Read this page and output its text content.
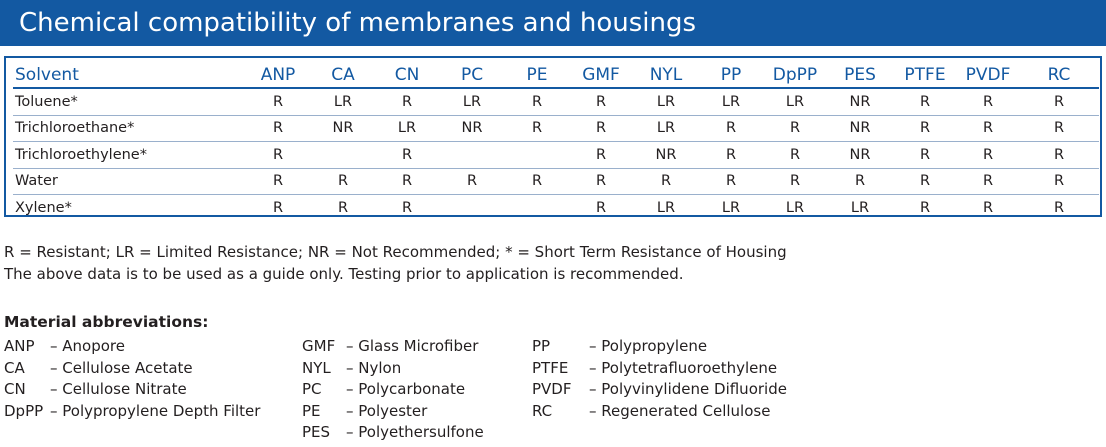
Chemical compatibility of membranes and housings
Solvent	ANP	CA	CN	PC	PE	GMF	NYL	PP	DpPP	PES	PTFE	PVDF	RC
Toluene*	R	LR	R	LR	R	R	LR	LR	LR	NR	R	R	R
Trichloroethane*	R	NR	LR	NR	R	R	LR	R	R	NR	R	R	R
Trichloroethylene*	R		R			R	NR	R	R	NR	R	R	R
Water	R	R	R	R	R	R	R	R	R	R	R	R	R
Xylene*	R	R	R			R	LR	LR	LR	LR	R	R	R
R = Resistant; LR = Limited Resistance; NR = Not Recommended; * = Short Term Resistance of Housing
The above data is to be used as a guide only. Testing prior to application is recommended.
Material abbreviations:
ANP – Anopore
CA – Cellulose Acetate
CN – Cellulose Nitrate
DpPP – Polypropylene Depth Filter
GMF – Glass Microfiber
NYL – Nylon
PC – Polycarbonate
PE – Polyester
PES – Polyethersulfone
PP	– Polypropylene
PTFE – Polytetrafluoroethylene
PVDF – Polyvinylidene Difluoride
RC – Regenerated Cellulose
